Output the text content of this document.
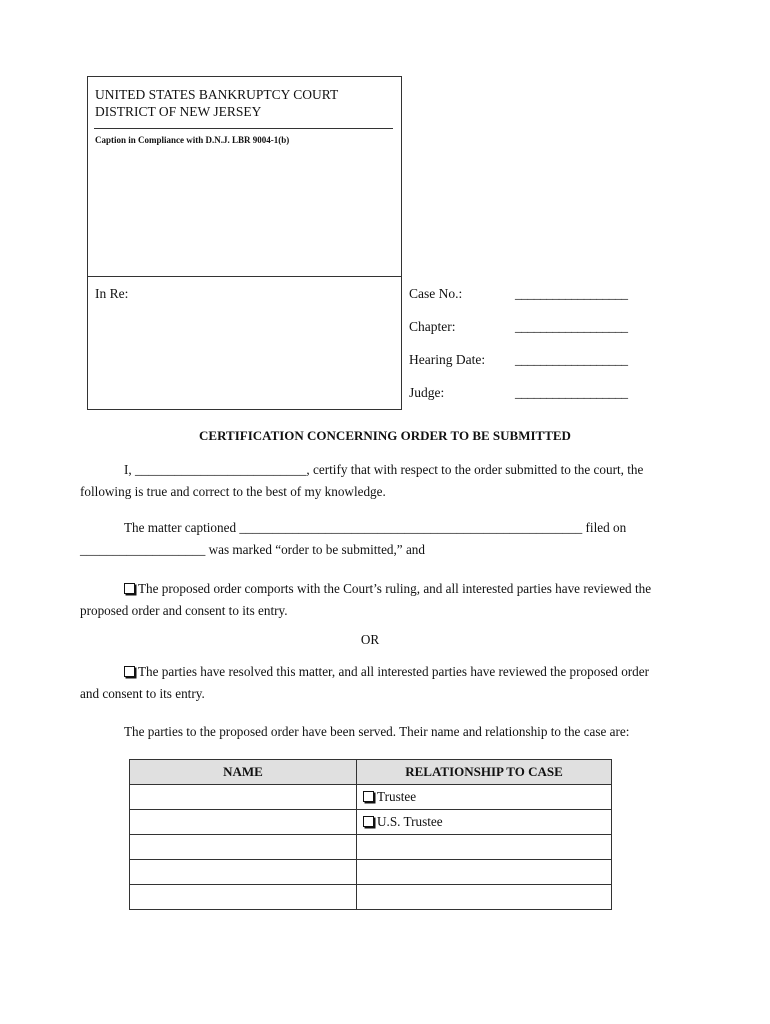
UNITED STATES BANKRUPTCY COURT
DISTRICT OF NEW JERSEY
Caption in Compliance with D.N.J. LBR 9004-1(b)
In Re:	Case No.:	__________________
Chapter:	__________________
Hearing Date: __________________
Judge:	__________________
CERTIFICATION CONCERNING ORDER TO BE SUBMITTED
I, __________________________, certify that with respect to the order submitted to the court, the following is true and correct to the best of my knowledge.
The matter captioned ____________________________________________________ filed on ___________________ was marked “order to be submitted,” and
The proposed order comports with the Court’s ruling, and all interested parties have reviewed the proposed order and consent to its entry.
OR
The parties have resolved this matter, and all interested parties have reviewed the proposed order and consent to its entry.
The parties to the proposed order have been served. Their name and relationship to the case are:
NAME	RELATIONSHIP TO CASE
	Trustee
	U.S. Trustee
